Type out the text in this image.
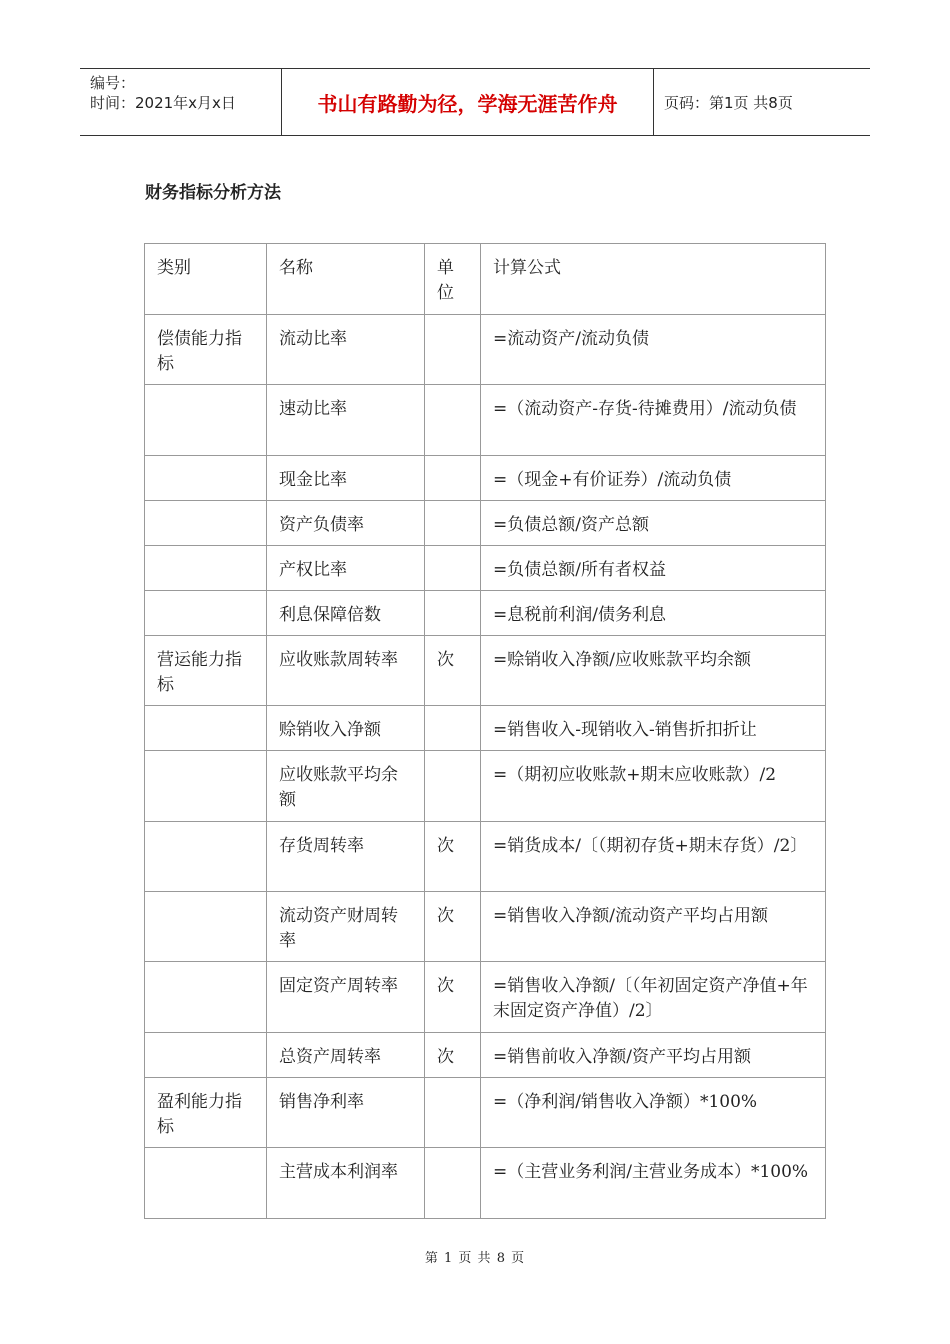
编号：
时间：2021年x月x日	书山有路勤为径，学海无涯苦作舟	页码：第1页 共8页
财务指标分析方法
类别	名称	单位	计算公式
偿债能力指标	流动比率		=流动资产/流动负债
	速动比率		=（流动资产-存货-待摊费用）/流动负债
	现金比率		=（现金+有价证券）/流动负债
	资产负债率		=负债总额/资产总额
	产权比率		=负债总额/所有者权益
	利息保障倍数		=息税前利润/债务利息
营运能力指标	应收账款周转率	次	=赊销收入净额/应收账款平均余额
	赊销收入净额		=销售收入-现销收入-销售折扣折让
	应收账款平均余额		=（期初应收账款+期末应收账款）/2
	存货周转率	次	=销货成本/〔（期初存货+期末存货）/2〕
	流动资产财周转率	次	=销售收入净额/流动资产平均占用额
	固定资产周转率	次	=销售收入净额/〔（年初固定资产净值+年末固定资产净值）/2〕
	总资产周转率	次	=销售前收入净额/资产平均占用额
盈利能力指标	销售净利率		=（净利润/销售收入净额）*100%
	主营成本利润率		=（主营业务利润/主营业务成本）*100%
第 1 页 共 8 页
